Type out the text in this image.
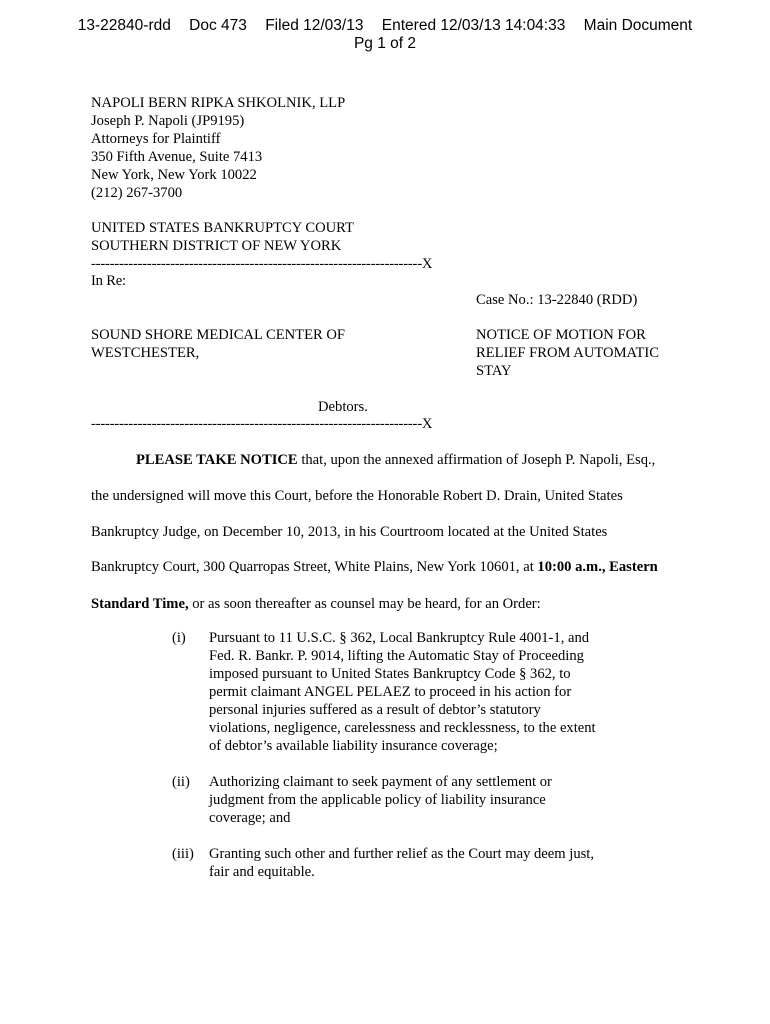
13-22840-rdd Doc 473 Filed 12/03/13 Entered 12/03/13 14:04:33 Main Document
Pg 1 of 2
NAPOLI BERN RIPKA SHKOLNIK, LLP
Joseph P. Napoli (JP9195)
Attorneys for Plaintiff
350 Fifth Avenue, Suite 7413
New York, New York 10022
(212) 267-3700
UNITED STATES BANKRUPTCY COURT
SOUTHERN DISTRICT OF NEW YORK
-----------------------------------------------------------------------X
In Re:
Case No.: 13-22840 (RDD)
SOUND SHORE MEDICAL CENTER OF
WESTCHESTER,
NOTICE OF MOTION FOR
RELIEF FROM AUTOMATIC
STAY
Debtors.
-----------------------------------------------------------------------X
PLEASE TAKE NOTICE that, upon the annexed affirmation of Joseph P. Napoli, Esq.,
the undersigned will move this Court, before the Honorable Robert D. Drain, United States
Bankruptcy Judge, on December 10, 2013, in his Courtroom located at the United States
Bankruptcy Court, 300 Quarropas Street, White Plains, New York 10601, at 10:00 a.m., Eastern
Standard Time, or as soon thereafter as counsel may be heard, for an Order:
(i) Pursuant to 11 U.S.C. § 362, Local Bankruptcy Rule 4001-1, and
Fed. R. Bankr. P. 9014, lifting the Automatic Stay of Proceeding
imposed pursuant to United States Bankruptcy Code § 362, to
permit claimant ANGEL PELAEZ to proceed in his action for
personal injuries suffered as a result of debtor’s statutory
violations, negligence, carelessness and recklessness, to the extent
of debtor’s available liability insurance coverage;
(ii) Authorizing claimant to seek payment of any settlement or
judgment from the applicable policy of liability insurance
coverage; and
(iii) Granting such other and further relief as the Court may deem just,
fair and equitable.
